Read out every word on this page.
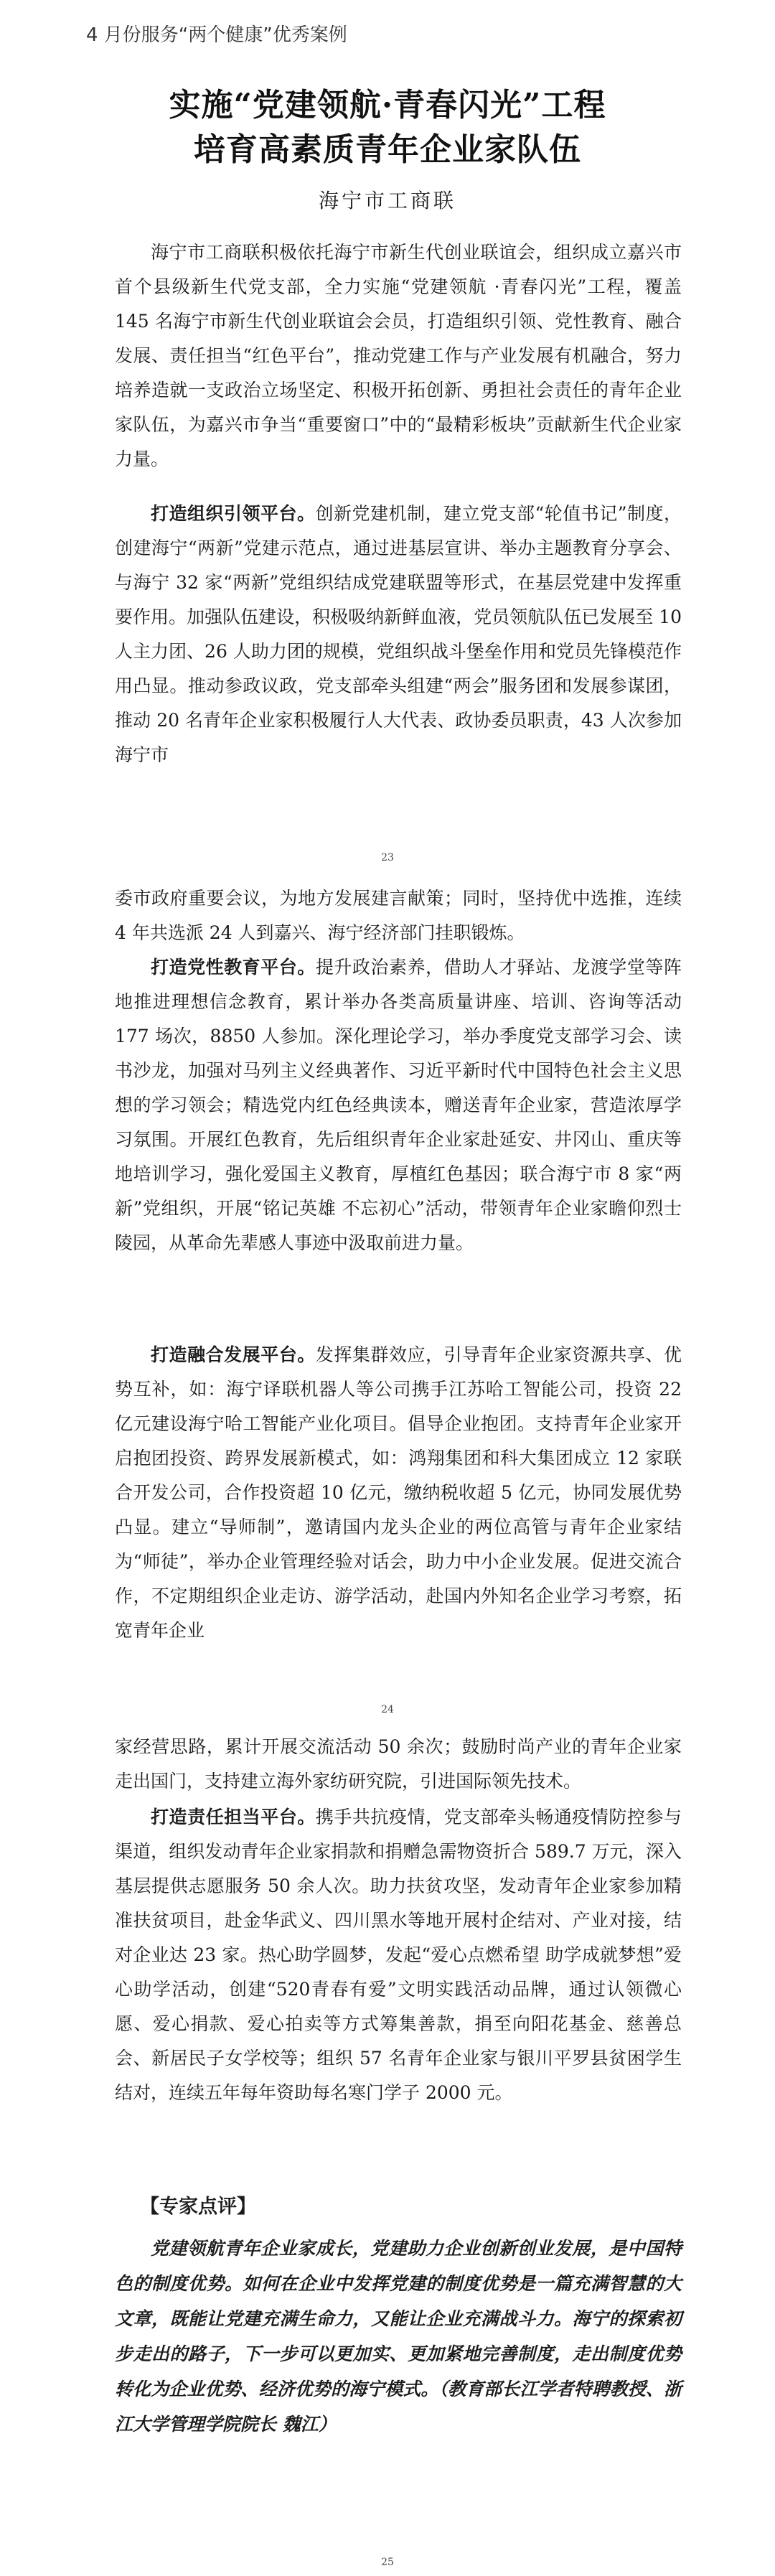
4 月份服务“两个健康”优秀案例
实施“党建领航·青春闪光”工程
培育高素质青年企业家队伍
海宁市工商联

海宁市工商联积极依托海宁市新生代创业联谊会，组织成立嘉兴市首个县级新生代党支部，全力实施“党建领航 ·青春闪光”工程，覆盖 145 名海宁市新生代创业联谊会会员，打造组织引领、党性教育、融合发展、责任担当“红色平台”，推动党建工作与产业发展有机融合，努力培养造就一支政治立场坚定、积极开拓创新、勇担社会责任的青年企业家队伍，为嘉兴市争当“重要窗口”中的“最精彩板块”贡献新生代企业家力量。

打造组织引领平台。创新党建机制，建立党支部“轮值书记”制度，创建海宁“两新”党建示范点，通过进基层宣讲、举办主题教育分享会、与海宁 32 家“两新”党组织结成党建联盟等形式，在基层党建中发挥重要作用。加强队伍建设，积极吸纳新鲜血液，党员领航队伍已发展至 10 人主力团、26 人助力团的规模，党组织战斗堡垒作用和党员先锋模范作用凸显。推动参政议政，党支部牵头组建“两会”服务团和发展参谋团，推动 20 名青年企业家积极履行人大代表、政协委员职责，43 人次参加海宁市

23

委市政府重要会议，为地方发展建言献策；同时，坚持优中选推，连续 4 年共选派 24 人到嘉兴、海宁经济部门挂职锻炼。

打造党性教育平台。提升政治素养，借助人才驿站、龙渡学堂等阵地推进理想信念教育，累计举办各类高质量讲座、培训、咨询等活动 177 场次，8850 人参加。深化理论学习，举办季度党支部学习会、读书沙龙，加强对马列主义经典著作、习近平新时代中国特色社会主义思想的学习领会；精选党内红色经典读本，赠送青年企业家，营造浓厚学习氛围。开展红色教育，先后组织青年企业家赴延安、井冈山、重庆等地培训学习，强化爱国主义教育，厚植红色基因；联合海宁市 8 家“两新”党组织，开展“铭记英雄 不忘初心”活动，带领青年企业家瞻仰烈士陵园，从革命先辈感人事迹中汲取前进力量。

打造融合发展平台。发挥集群效应，引导青年企业家资源共享、优势互补，如：海宁译联机器人等公司携手江苏哈工智能公司，投资 22 亿元建设海宁哈工智能产业化项目。倡导企业抱团。支持青年企业家开启抱团投资、跨界发展新模式，如：鸿翔集团和科大集团成立 12 家联合开发公司，合作投资超 10 亿元，缴纳税收超 5 亿元，协同发展优势凸显。建立“导师制”，邀请国内龙头企业的两位高管与青年企业家结为“师徒”，举办企业管理经验对话会，助力中小企业发展。促进交流合作，不定期组织企业走访、游学活动，赴国内外知名企业学习考察，拓宽青年企业

24

家经营思路，累计开展交流活动 50 余次；鼓励时尚产业的青年企业家走出国门，支持建立海外家纺研究院，引进国际领先技术。

打造责任担当平台。携手共抗疫情，党支部牵头畅通疫情防控参与渠道，组织发动青年企业家捐款和捐赠急需物资折合 589.7 万元，深入基层提供志愿服务 50 余人次。助力扶贫攻坚，发动青年企业家参加精准扶贫项目，赴金华武义、四川黑水等地开展村企结对、产业对接，结对企业达 23 家。热心助学圆梦，发起“爱心点燃希望 助学成就梦想”爱心助学活动，创建“520青春有爱”文明实践活动品牌，通过认领微心愿、爱心捐款、爱心拍卖等方式筹集善款，捐至向阳花基金、慈善总会、新居民子女学校等；组织 57 名青年企业家与银川平罗县贫困学生结对，连续五年每年资助每名寒门学子 2000 元。

【专家点评】

党建领航青年企业家成长，党建助力企业创新创业发展，是中国特色的制度优势。如何在企业中发挥党建的制度优势是一篇充满智慧的大文章，既能让党建充满生命力，又能让企业充满战斗力。海宁的探索初步走出的路子，下一步可以更加实、更加紧地完善制度，走出制度优势转化为企业优势、经济优势的海宁模式。（教育部长江学者特聘教授、浙江大学管理学院院长 魏江）

25
